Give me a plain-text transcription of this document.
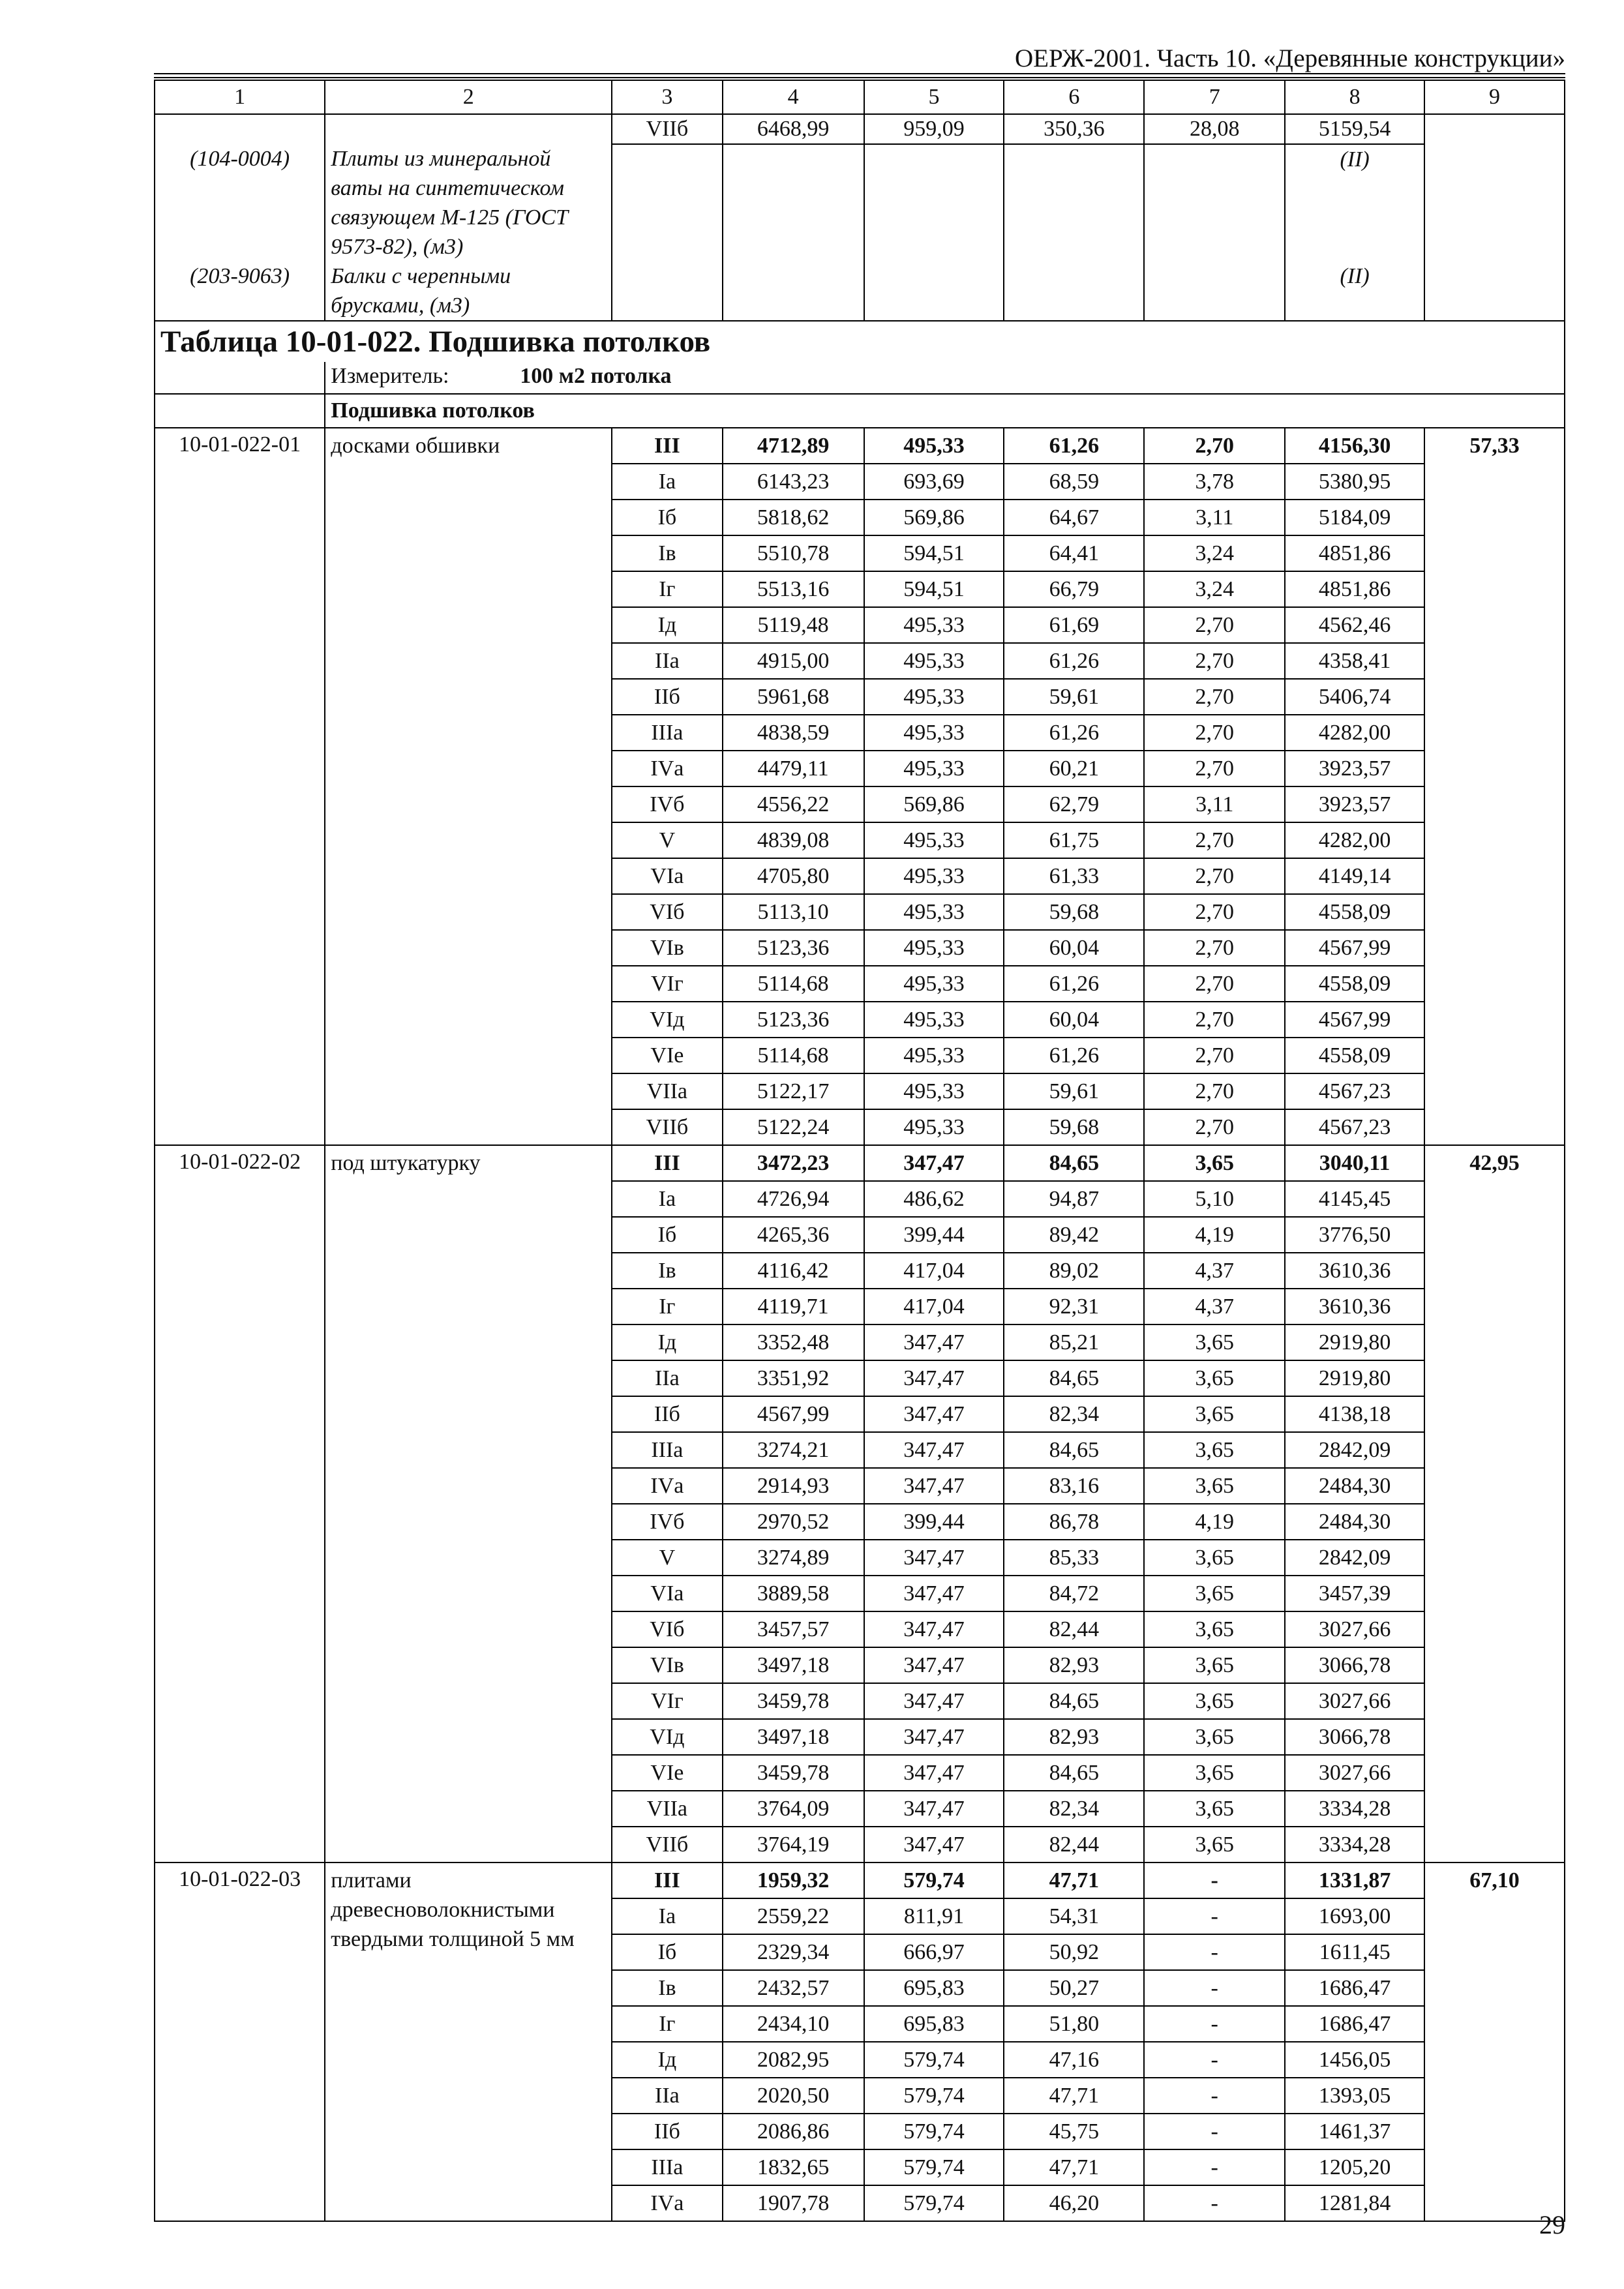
ОЕРЖ-2001. Часть 10. «Деревянные конструкции»
1	2	3	4	5	6	7	8	9
		VIIб	6468,99	959,09	350,36	28,08	5159,54	
(104-0004)	Плиты из минеральной ваты на синтетическом связующем М-125 (ГОСТ 9573-82), (м3)						(II)	
(203-9063)	Балки с черепными брусками, (м3)						(II)	
Таблица 10-01-022. Подшивка потолков								
	Измеритель: 100 м2 потолка							
	Подшивка потолков							
10-01-022-01	досками обшивки	III	4712,89	495,33	61,26	2,70	4156,30	57,33
		Iа	6143,23	693,69	68,59	3,78	5380,95	
		Iб	5818,62	569,86	64,67	3,11	5184,09	
		Iв	5510,78	594,51	64,41	3,24	4851,86	
		Iг	5513,16	594,51	66,79	3,24	4851,86	
		Iд	5119,48	495,33	61,69	2,70	4562,46	
		IIа	4915,00	495,33	61,26	2,70	4358,41	
		IIб	5961,68	495,33	59,61	2,70	5406,74	
		IIIа	4838,59	495,33	61,26	2,70	4282,00	
		IVа	4479,11	495,33	60,21	2,70	3923,57	
		IVб	4556,22	569,86	62,79	3,11	3923,57	
		V	4839,08	495,33	61,75	2,70	4282,00	
		VIа	4705,80	495,33	61,33	2,70	4149,14	
		VIб	5113,10	495,33	59,68	2,70	4558,09	
		VIв	5123,36	495,33	60,04	2,70	4567,99	
		VIг	5114,68	495,33	61,26	2,70	4558,09	
		VIд	5123,36	495,33	60,04	2,70	4567,99	
		VIе	5114,68	495,33	61,26	2,70	4558,09	
		VIIа	5122,17	495,33	59,61	2,70	4567,23	
		VIIб	5122,24	495,33	59,68	2,70	4567,23	
10-01-022-02	под штукатурку	III	3472,23	347,47	84,65	3,65	3040,11	42,95
		Iа	4726,94	486,62	94,87	5,10	4145,45	
		Iб	4265,36	399,44	89,42	4,19	3776,50	
		Iв	4116,42	417,04	89,02	4,37	3610,36	
		Iг	4119,71	417,04	92,31	4,37	3610,36	
		Iд	3352,48	347,47	85,21	3,65	2919,80	
		IIа	3351,92	347,47	84,65	3,65	2919,80	
		IIб	4567,99	347,47	82,34	3,65	4138,18	
		IIIа	3274,21	347,47	84,65	3,65	2842,09	
		IVа	2914,93	347,47	83,16	3,65	2484,30	
		IVб	2970,52	399,44	86,78	4,19	2484,30	
		V	3274,89	347,47	85,33	3,65	2842,09	
		VIа	3889,58	347,47	84,72	3,65	3457,39	
		VIб	3457,57	347,47	82,44	3,65	3027,66	
		VIв	3497,18	347,47	82,93	3,65	3066,78	
		VIг	3459,78	347,47	84,65	3,65	3027,66	
		VIд	3497,18	347,47	82,93	3,65	3066,78	
		VIе	3459,78	347,47	84,65	3,65	3027,66	
		VIIа	3764,09	347,47	82,34	3,65	3334,28	
		VIIб	3764,19	347,47	82,44	3,65	3334,28	
10-01-022-03	плитами древесноволокнистыми твердыми толщиной 5 мм	III	1959,32	579,74	47,71	-	1331,87	67,10
		Iа	2559,22	811,91	54,31	-	1693,00	
		Iб	2329,34	666,97	50,92	-	1611,45	
		Iв	2432,57	695,83	50,27	-	1686,47	
		Iг	2434,10	695,83	51,80	-	1686,47	
		Iд	2082,95	579,74	47,16	-	1456,05	
		IIа	2020,50	579,74	47,71	-	1393,05	
		IIб	2086,86	579,74	45,75	-	1461,37	
		IIIа	1832,65	579,74	47,71	-	1205,20	
		IVа	1907,78	579,74	46,20	-	1281,84	
29
